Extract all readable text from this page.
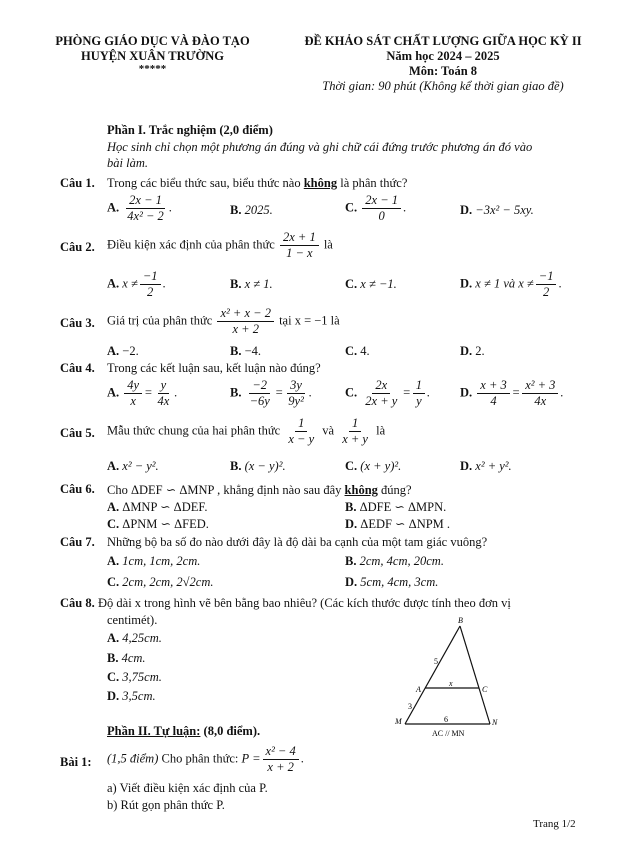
PHÒNG GIÁO DỤC VÀ ĐÀO TẠO
HUYỆN XUÂN TRƯỜNG
*****
ĐỀ KHẢO SÁT CHẤT LƯỢNG GIỮA HỌC KỲ II
Năm học 2024 – 2025
Môn: Toán 8
Thời gian: 90 phút (Không kể thời gian giao đề)
Phần I. Trắc nghiệm (2,0 điểm)
Học sinh chỉ chọn một phương án đúng và ghi chữ cái đứng trước phương án đó vào
bài làm.
Câu 1. Trong các biểu thức sau, biểu thức nào không là phân thức?
A. $\frac{2x - 1}{\text{4x² − 2}}$ .	B. 2025.	C. $\frac{2x - 1}{0}$ .	D. −3x² − 5xy.
Câu 2. Điều kiện xác định của phân thức $\frac{2x + 1}{1 - x}$ là
A. $x \ne \frac{-1}{2}$ .	B. x ≠ 1.	C. x ≠ −1.	D. x ≠ 1 và $x \ne \frac{-1}{2}$ .
Câu 3. Giá trị của phân thức $\frac{\text{x² + x − 2}}{x + 2}$ tại x = −1 là
A. −2.	B. −4.	C. 4.	D. 2.
Câu 4. Trong các kết luận sau, kết luận nào đúng?
A. $\frac{4y}{x} = \frac{y}{4x}$ .	B. $\frac{-2}{-6y} = \frac{3y}{\text{9y²}}$ .	C. $\frac{2x}{2x + y} = \frac{1}{y}$ . D. $\frac{x + 3}{4} = \frac{\text{x² + 3}}{4x}$ .
Câu 5. Mẫu thức chung của hai phân thức $\frac{1}{x - y}$ và $\frac{1}{x + y}$ là
A. x² − y².	B. (x − y)².	C. (x + y)².	D. x² + y².
Câu 6. Cho ΔDEF ∽ ΔMNP , khẳng định nào sau đây không đúng?
A. ΔMNP ∽ ΔDEF.	B. ΔDFE ∽ ΔMPN.
C. ΔPNM ∽ ΔFED.	D. ΔEDF ∽ ΔNPM .
Câu 7. Những bộ ba số đo nào dưới đây là độ dài ba cạnh của một tam giác vuông?
A. 1cm, 1cm, 2cm.	B. 2cm, 4cm, 20cm.
C. 2cm, 2cm, 2√2cm.	D. 5cm, 4cm, 3cm.
Câu 8. Độ dài x trong hình vẽ bên bằng bao nhiêu? (Các kích thước được tính theo đơn vị
centimét).
A. 4,25cm.
B. 4cm.
C. 3,75cm.
D. 3,5cm.
B
A	C
M	N
5
3
x
6
AC // MN
Phần II. Tự luận: (8,0 điểm).
Bài 1: (1,5 điểm) Cho phân thức: $P = \frac{\text{x² − 4}}{x + 2}$ .
a) Viết điều kiện xác định của P.
b) Rút gọn phân thức P.
Trang 1/2
